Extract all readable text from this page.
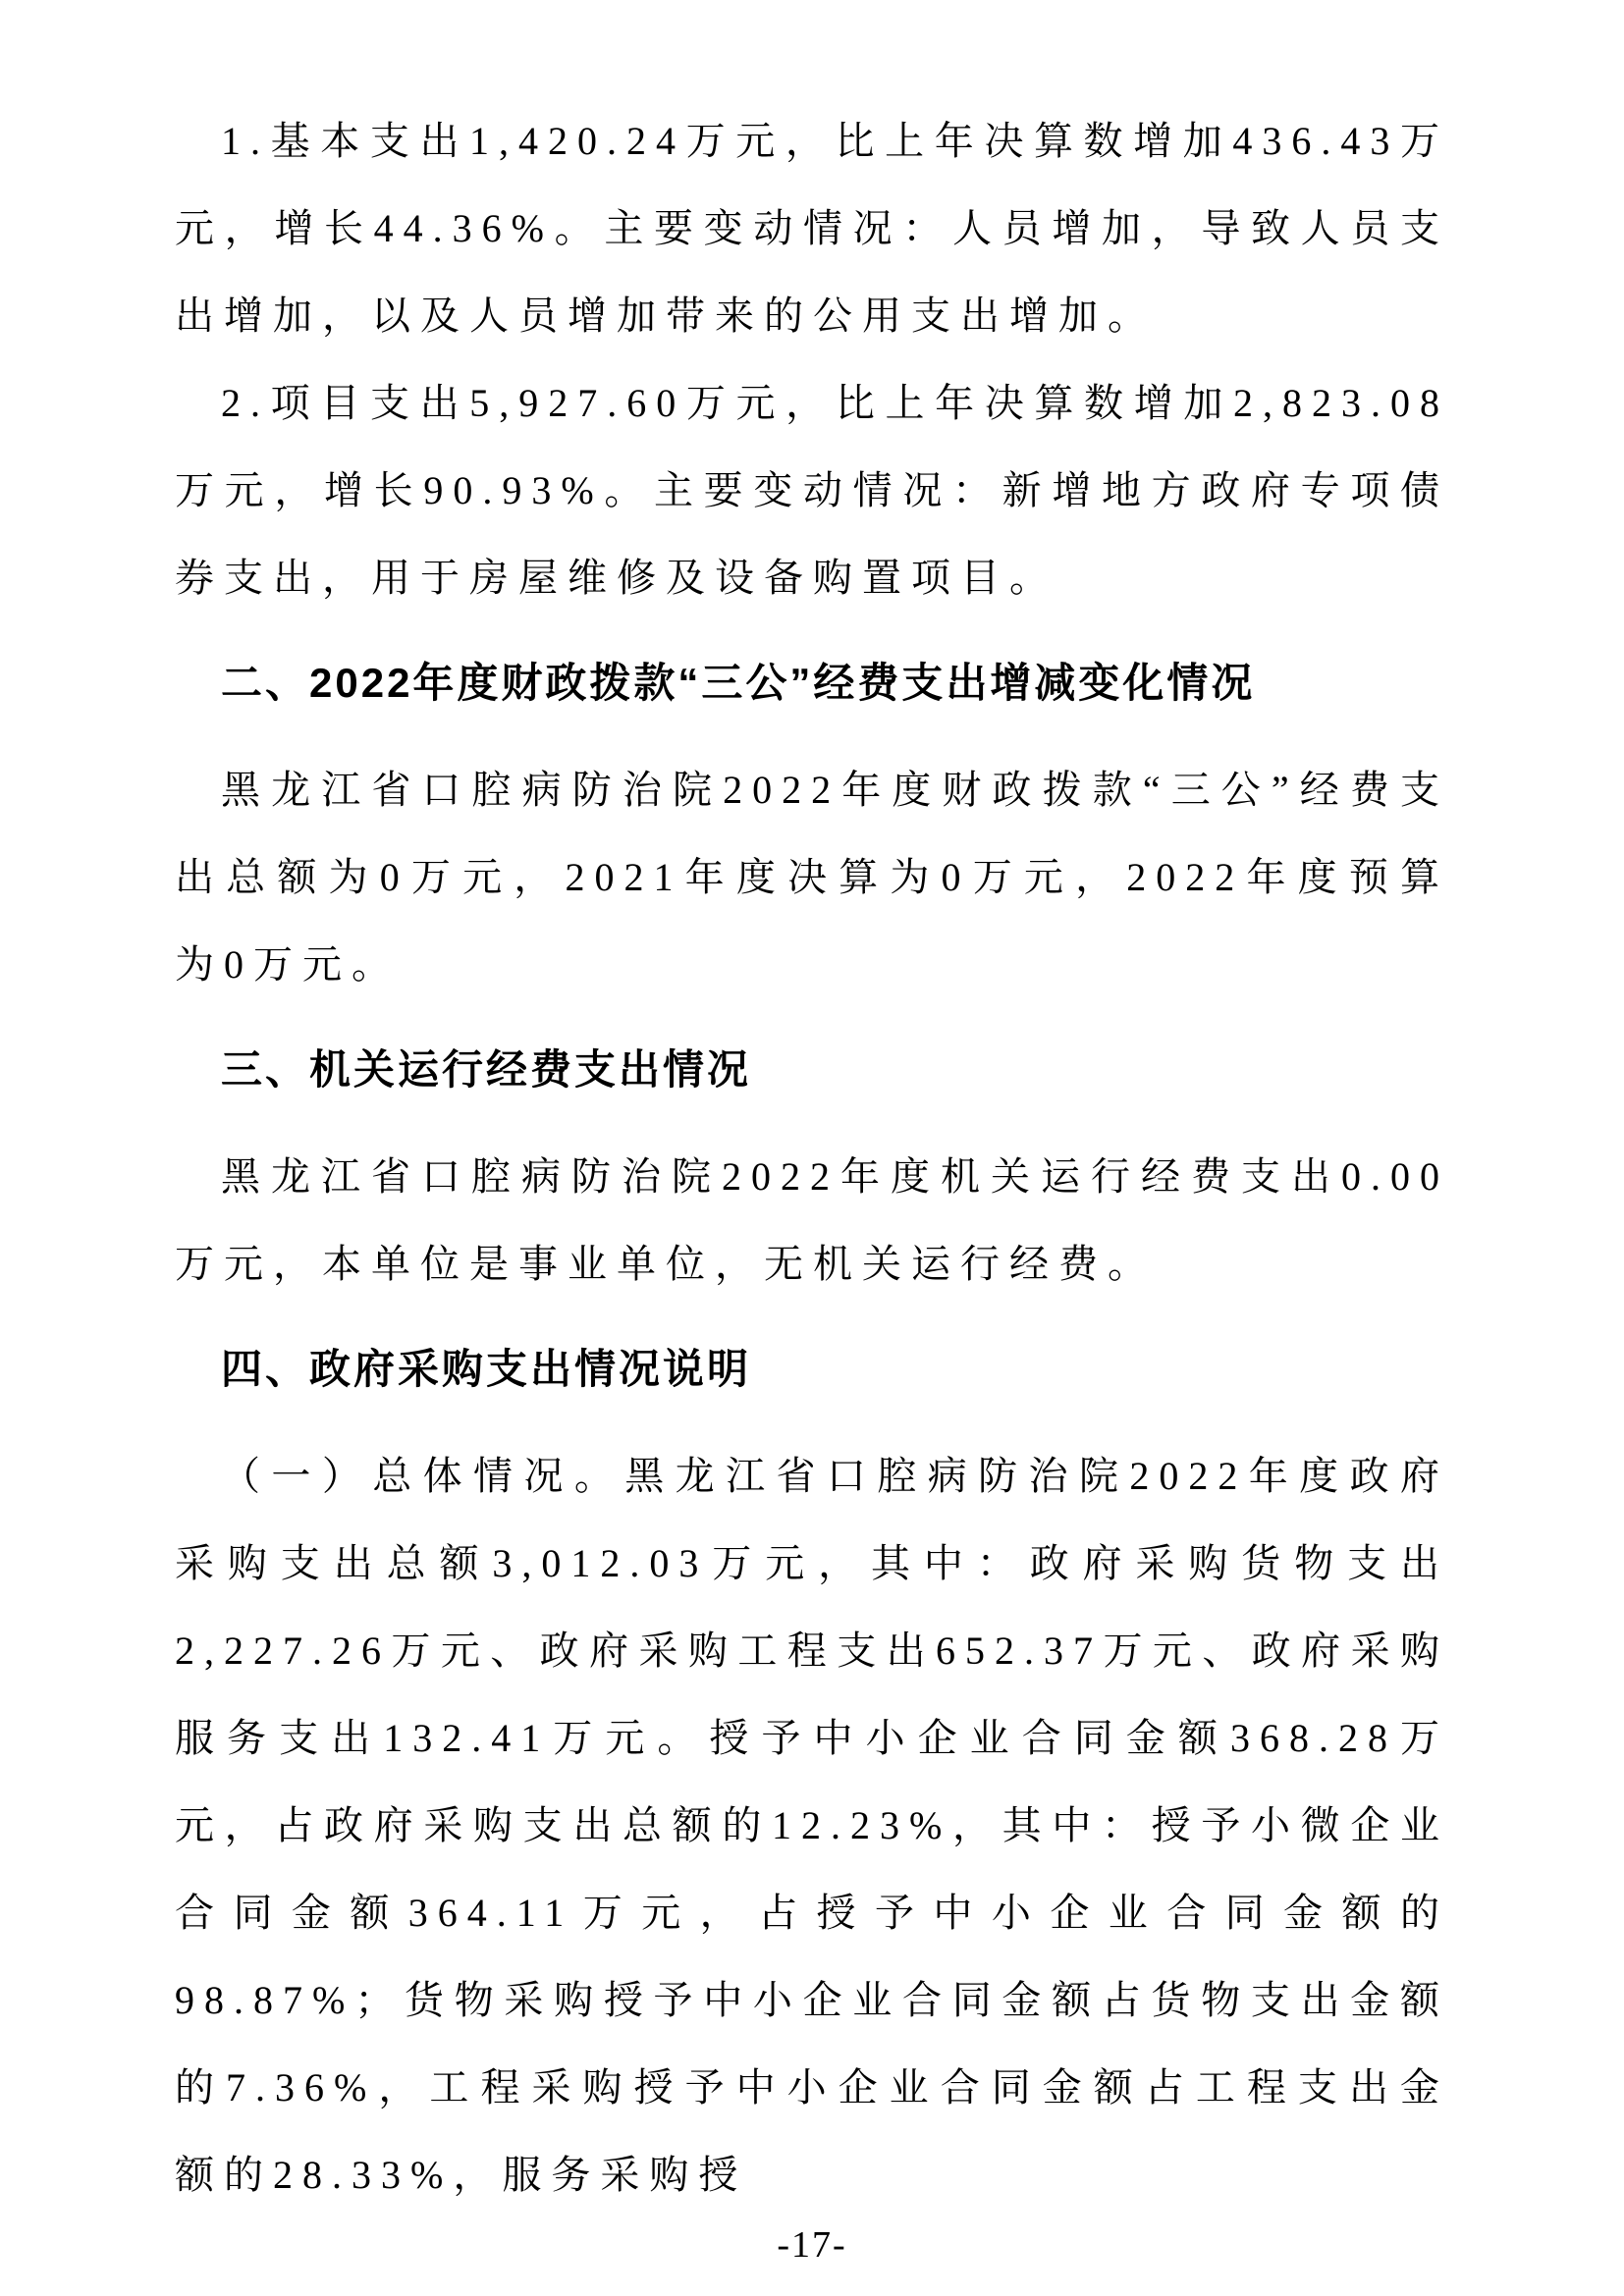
1.基本支出1,420.24万元，比上年决算数增加436.43万元，增长44.36%。主要变动情况：人员增加，导致人员支出增加，以及人员增加带来的公用支出增加。

2.项目支出5,927.60万元，比上年决算数增加2,823.08万元，增长90.93%。主要变动情况：新增地方政府专项债券支出，用于房屋维修及设备购置项目。

二、2022年度财政拨款“三公”经费支出增减变化情况

黑龙江省口腔病防治院2022年度财政拨款“三公”经费支出总额为0万元，2021年度决算为0万元，2022年度预算为0万元。

三、机关运行经费支出情况

黑龙江省口腔病防治院2022年度机关运行经费支出0.00万元，本单位是事业单位，无机关运行经费。

四、政府采购支出情况说明

（一）总体情况。黑龙江省口腔病防治院2022年度政府采购支出总额3,012.03万元，其中：政府采购货物支出2,227.26万元、政府采购工程支出652.37万元、政府采购服务支出132.41万元。授予中小企业合同金额368.28万元，占政府采购支出总额的12.23%，其中：授予小微企业合同金额364.11万元，占授予中小企业合同金额的98.87%；货物采购授予中小企业合同金额占货物支出金额的7.36%，工程采购授予中小企业合同金额占工程支出金额的28.33%，服务采购授

-17-
